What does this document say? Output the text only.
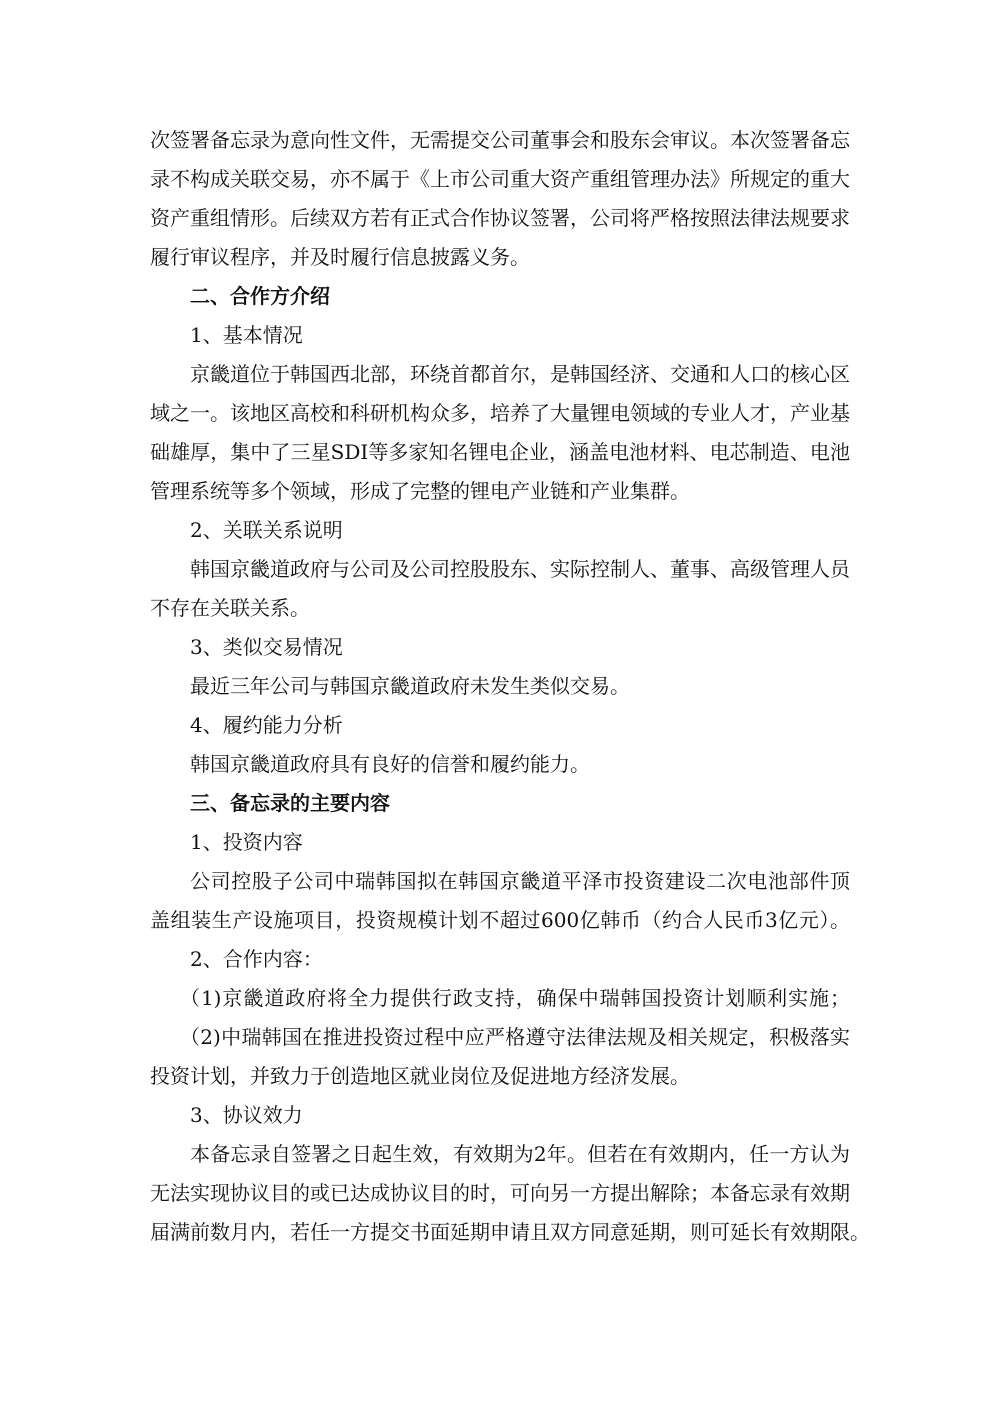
次签署备忘录为意向性文件，无需提交公司董事会和股东会审议。本次签署备忘
录不构成关联交易，亦不属于《上市公司重大资产重组管理办法》所规定的重大
资产重组情形。后续双方若有正式合作协议签署，公司将严格按照法律法规要求
履行审议程序，并及时履行信息披露义务。
二、合作方介绍
1、基本情况
京畿道位于韩国西北部，环绕首都首尔，是韩国经济、交通和人口的核心区
域之一。该地区高校和科研机构众多，培养了大量锂电领域的专业人才，产业基
础雄厚，集中了三星SDI等多家知名锂电企业，涵盖电池材料、电芯制造、电池
管理系统等多个领域，形成了完整的锂电产业链和产业集群。
2、关联关系说明
韩国京畿道政府与公司及公司控股股东、实际控制人、董事、高级管理人员
不存在关联关系。
3、类似交易情况
最近三年公司与韩国京畿道政府未发生类似交易。
4、履约能力分析
韩国京畿道政府具有良好的信誉和履约能力。
三、备忘录的主要内容
1、投资内容
公司控股子公司中瑞韩国拟在韩国京畿道平泽市投资建设二次电池部件顶
盖组装生产设施项目，投资规模计划不超过600亿韩币（约合人民币3亿元）。
2、合作内容：
（1)京畿道政府将全力提供行政支持，确保中瑞韩国投资计划顺利实施；
（2)中瑞韩国在推进投资过程中应严格遵守法律法规及相关规定，积极落实
投资计划，并致力于创造地区就业岗位及促进地方经济发展。
3、协议效力
本备忘录自签署之日起生效，有效期为2年。但若在有效期内，任一方认为
无法实现协议目的或已达成协议目的时，可向另一方提出解除；本备忘录有效期
届满前数月内，若任一方提交书面延期申请且双方同意延期，则可延长有效期限。
